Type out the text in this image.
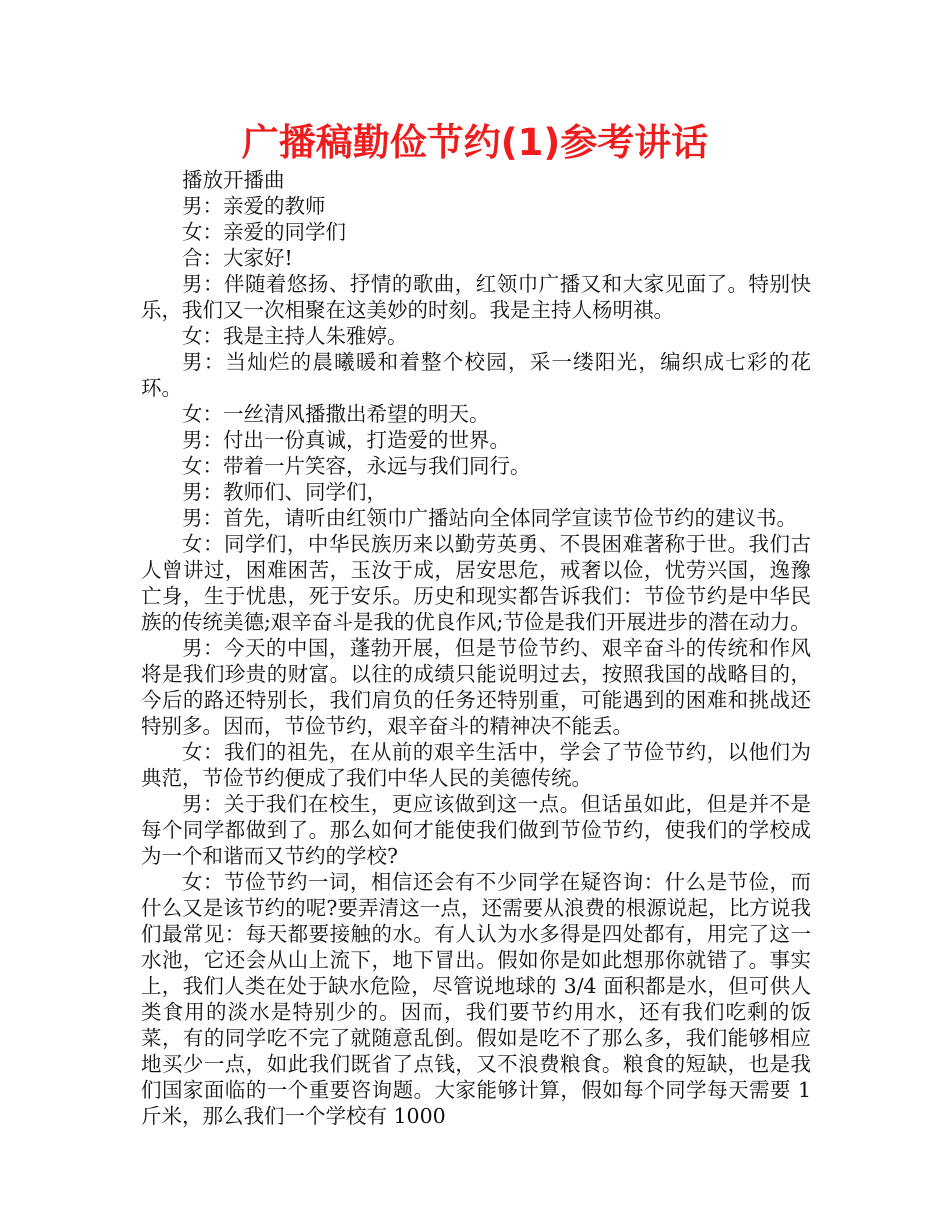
广播稿勤俭节约(1)参考讲话

播放开播曲

男：亲爱的教师

女：亲爱的同学们

合：大家好!

男：伴随着悠扬、抒情的歌曲，红领巾广播又和大家见面了。特别快乐，我们又一次相聚在这美妙的时刻。我是主持人杨明祺。

女：我是主持人朱雅婷。

男：当灿烂的晨曦暖和着整个校园，采一缕阳光，编织成七彩的花环。

女：一丝清风播撒出希望的明天。

男：付出一份真诚，打造爱的世界。

女：带着一片笑容，永远与我们同行。

男：教师们、同学们，

男：首先，请听由红领巾广播站向全体同学宣读节俭节约的建议书。

女：同学们，中华民族历来以勤劳英勇、不畏困难著称于世。我们古人曾讲过，困难困苦，玉汝于成，居安思危，戒奢以俭，忧劳兴国，逸豫亡身，生于忧患，死于安乐。历史和现实都告诉我们：节俭节约是中华民族的传统美德;艰辛奋斗是我的优良作风;节俭是我们开展进步的潜在动力。

男：今天的中国，蓬勃开展，但是节俭节约、艰辛奋斗的传统和作风将是我们珍贵的财富。以往的成绩只能说明过去，按照我国的战略目的，今后的路还特别长，我们肩负的任务还特别重，可能遇到的困难和挑战还特别多。因而，节俭节约，艰辛奋斗的精神决不能丢。

女：我们的祖先，在从前的艰辛生活中，学会了节俭节约，以他们为典范，节俭节约便成了我们中华人民的美德传统。

男：关于我们在校生，更应该做到这一点。但话虽如此，但是并不是每个同学都做到了。那么如何才能使我们做到节俭节约，使我们的学校成为一个和谐而又节约的学校?

女：节俭节约一词，相信还会有不少同学在疑咨询：什么是节俭，而什么又是该节约的呢?要弄清这一点，还需要从浪费的根源说起，比方说我们最常见：每天都要接触的水。有人认为水多得是四处都有，用完了这一水池，它还会从山上流下，地下冒出。假如你是如此想那你就错了。事实上，我们人类在处于缺水危险，尽管说地球的 3/4 面积都是水，但可供人类食用的淡水是特别少的。因而，我们要节约用水，还有我们吃剩的饭菜，有的同学吃不完了就随意乱倒。假如是吃不了那么多，我们能够相应地买少一点，如此我们既省了点钱，又不浪费粮食。粮食的短缺，也是我们国家面临的一个重要咨询题。大家能够计算，假如每个同学每天需要 1 斤米，那么我们一个学校有 1000
